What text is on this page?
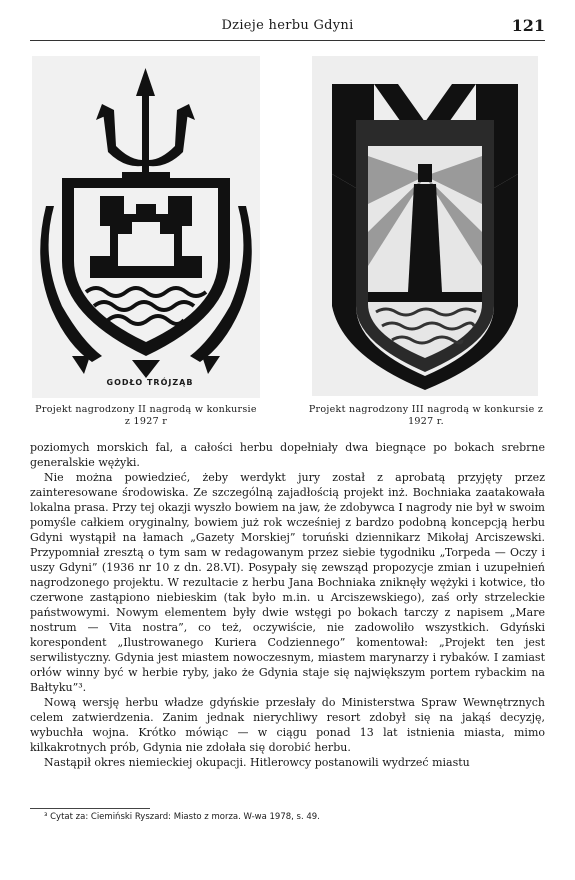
Dzieje herbu Gdyni	121
GODŁO TRÓJZĄB
Projekt nagrodzony II nagrodą w konkursie z 1927 r
Projekt nagrodzony III nagrodą w konkursie z 1927 r.

poziomych morskich fal, a całości herbu dopełniały dwa biegnące po bokach srebrne generalskie wężyki.

Nie można powiedzieć, żeby werdykt jury został z aprobatą przyjęty przez zainteresowane środowiska. Ze szczególną zajadłością projekt inż. Bochniaka zaatakowała lokalna prasa. Przy tej okazji wyszło bowiem na jaw, że zdobywca I nagrody nie był w swoim pomyśle całkiem oryginalny, bowiem już rok wcześniej z bardzo podobną koncepcją herbu Gdyni wystąpił na łamach „Gazety Morskiej” toruński dziennikarz Mikołaj Arciszewski. Przypomniał zresztą o tym sam w redagowanym przez siebie tygodniku „Torpeda — Oczy i uszy Gdyni” (1936 nr 10 z dn. 28.VI). Posypały się zewsząd propozycje zmian i uzupełnień nagrodzonego projektu. W rezultacie z herbu Jana Bochniaka zniknęły wężyki i kotwice, tło czerwone zastąpiono niebieskim (tak było m.in. u Arciszewskiego), zaś orły strzeleckie państwowymi. Nowym elementem były dwie wstęgi po bokach tarczy z napisem „Mare nostrum — Vita nostra”, co też, oczywiście, nie zadowoliło wszystkich. Gdyński korespondent „Ilustrowanego Kuriera Codziennego” komentował: „Projekt ten jest serwilistyczny. Gdynia jest miastem nowoczesnym, miastem marynarzy i rybaków. I zamiast orłów winny być w herbie ryby, jako że Gdynia staje się największym portem rybackim na Bałtyku”³.

Nową wersję herbu władze gdyńskie przesłały do Ministerstwa Spraw Wewnętrznych celem zatwierdzenia. Zanim jednak nierychliwy resort zdobył się na jakąś decyzję, wybuchła wojna. Krótko mówiąc — w ciągu ponad 13 lat istnienia miasta, mimo kilkakrotnych prób, Gdynia nie zdołała się dorobić herbu.

Nastąpił okres niemieckiej okupacji. Hitlerowcy postanowili wydrzeć miastu

³ Cytat za: Ciemiński Ryszard: Miasto z morza. W-wa 1978, s. 49.
